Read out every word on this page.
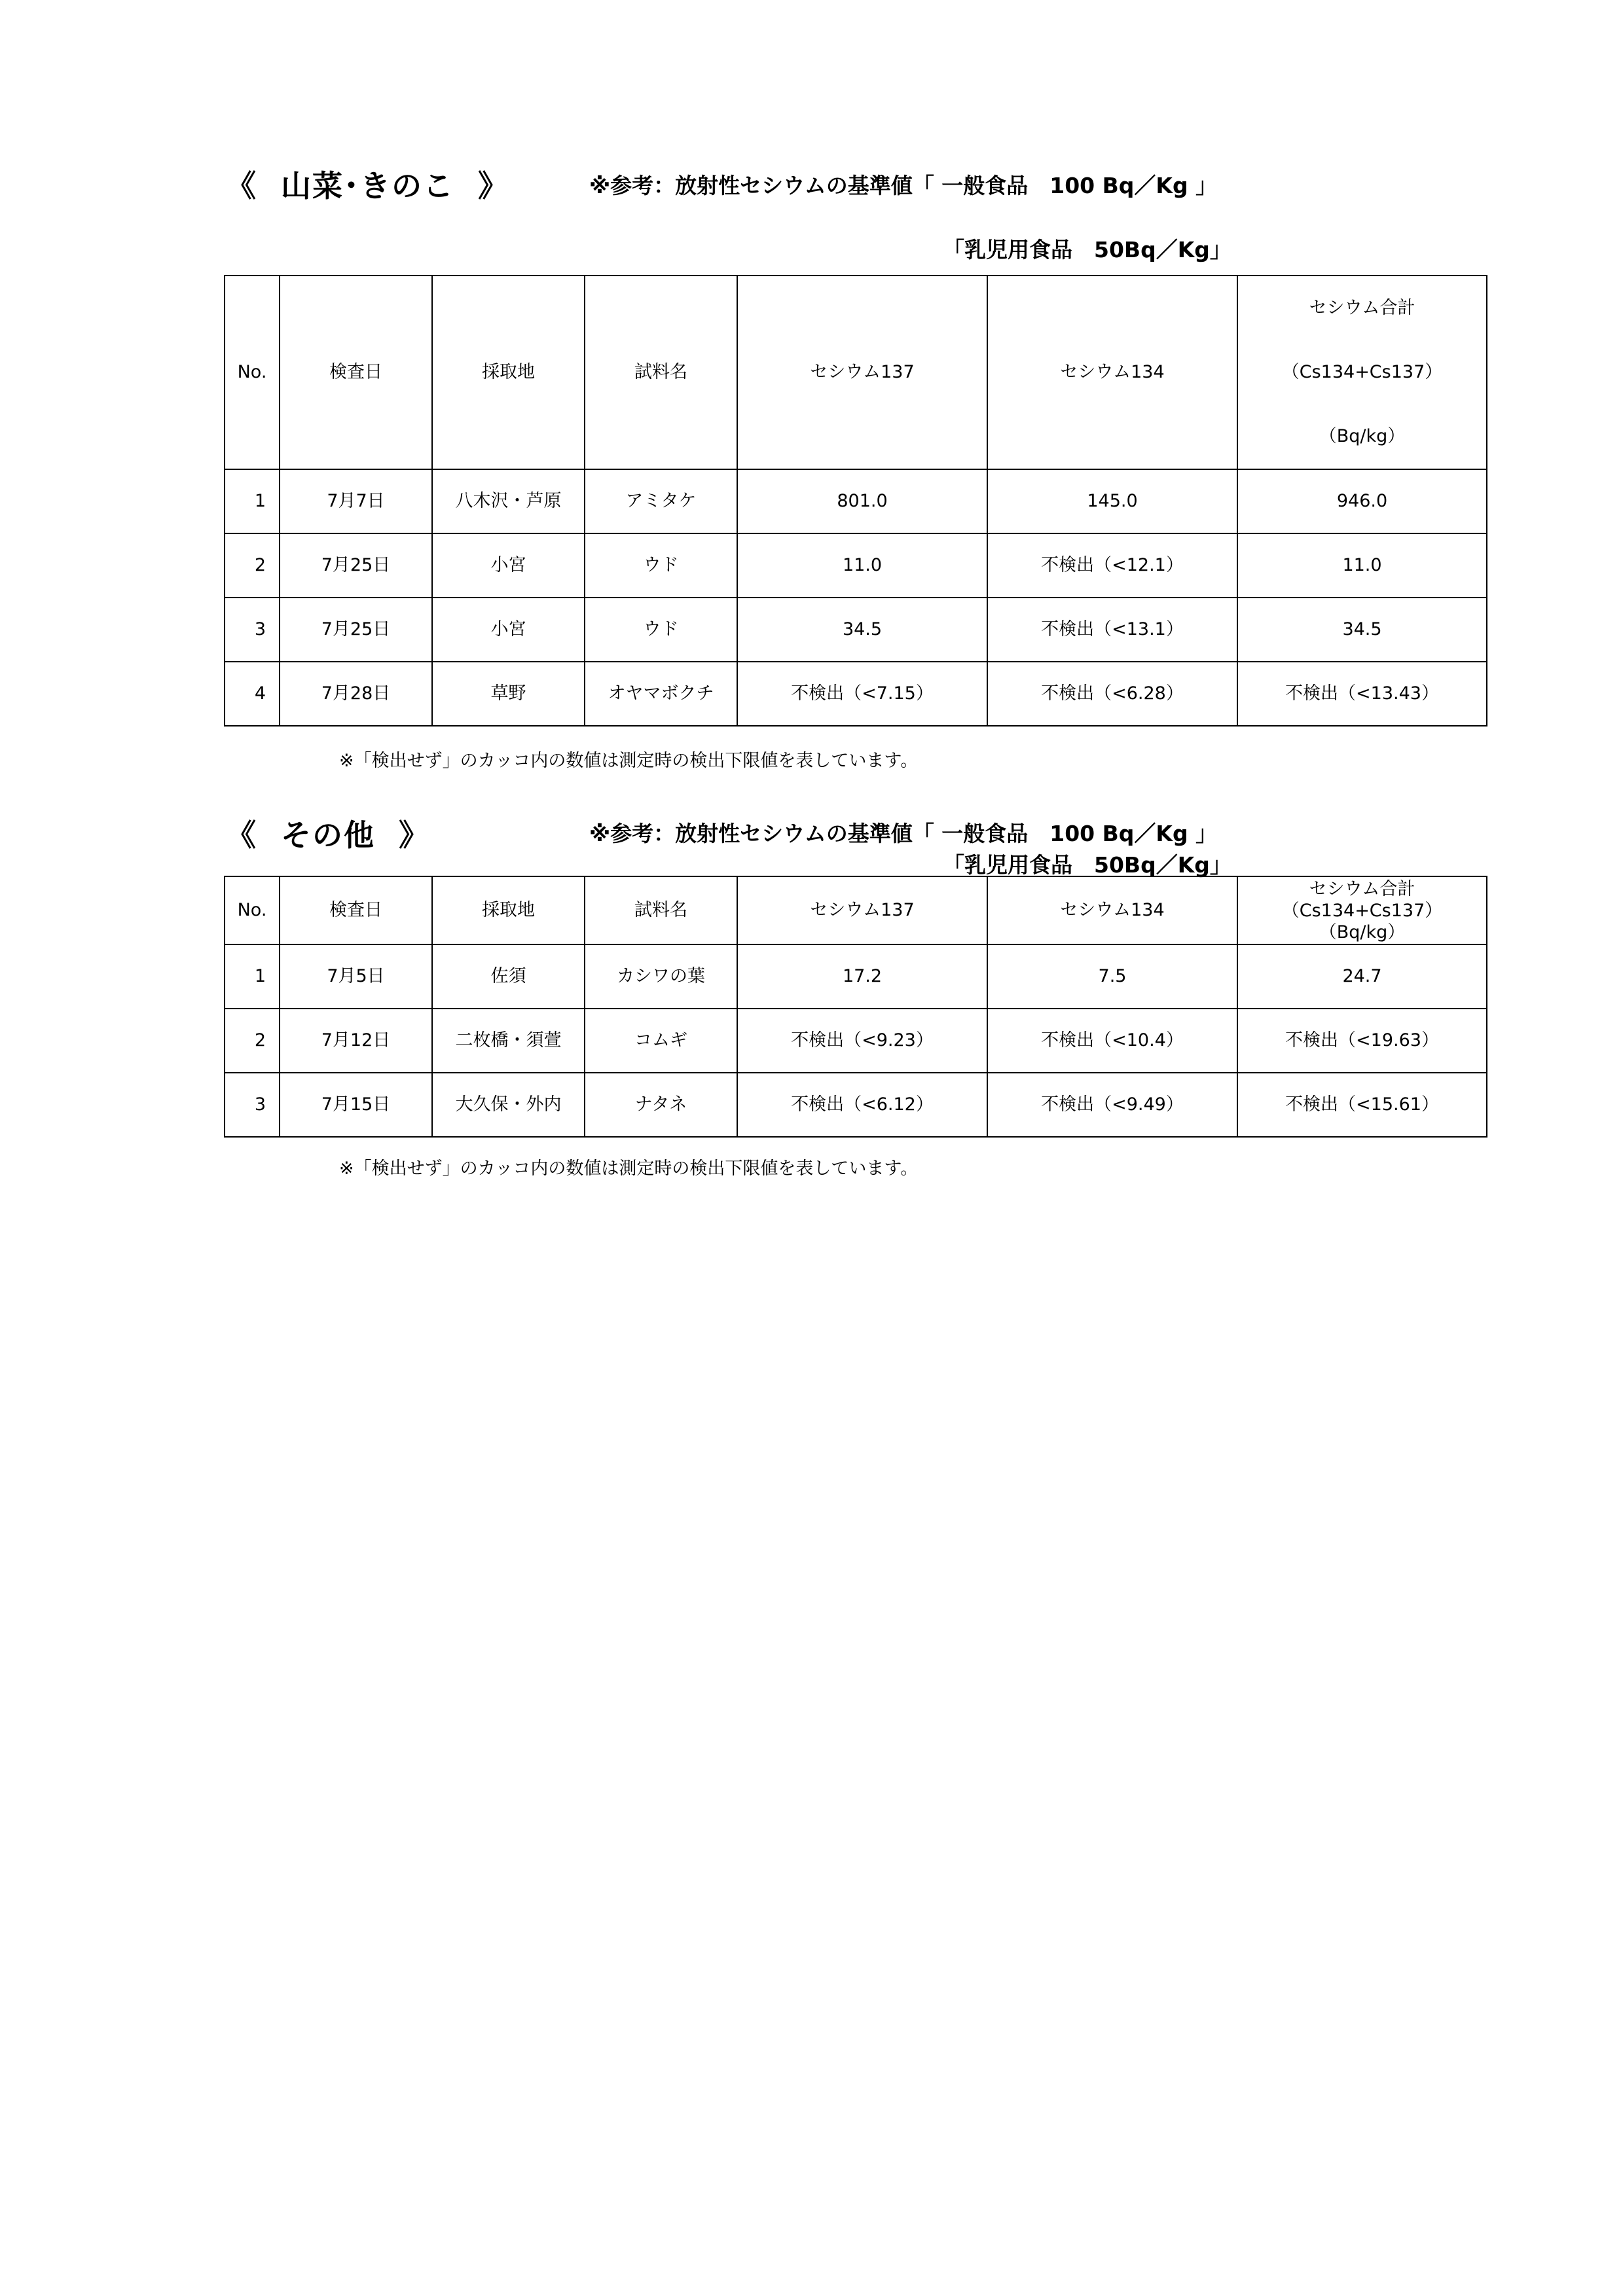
《  山菜･きのこ  》	※参考：放射性セシウムの基準値「 一般食品　100 Bq／Kg 」
「乳児用食品　50Bq／Kg」
No.	検査日	採取地	試料名	セシウム137	セシウム134	セシウム合計
（Cs134+Cs137）
（Bq/kg）

1	7月7日	八木沢・芦原	アミタケ	801.0	145.0	946.0
2	7月25日	小宮	ウド	11.0	不検出（<12.1）	11.0
3	7月25日	小宮	ウド	34.5	不検出（<13.1）	34.5
4	7月28日	草野	オヤマボクチ	不検出（<7.15）	不検出（<6.28）	不検出（<13.43）
※「検出せず」のカッコ内の数値は測定時の検出下限値を表しています。
《  その他  》	※参考：放射性セシウムの基準値「 一般食品　100 Bq／Kg 」
「乳児用食品　50Bq／Kg」
No.	検査日	採取地	試料名	セシウム137	セシウム134	セシウム合計
（Cs134+Cs137）
（Bq/kg）

1	7月5日	佐須	カシワの葉	17.2	7.5	24.7
2	7月12日	二枚橋・須萱	コムギ	不検出（<9.23）	不検出（<10.4）	不検出（<19.63）
3	7月15日	大久保・外内	ナタネ	不検出（<6.12）	不検出（<9.49）	不検出（<15.61）
※「検出せず」のカッコ内の数値は測定時の検出下限値を表しています。
